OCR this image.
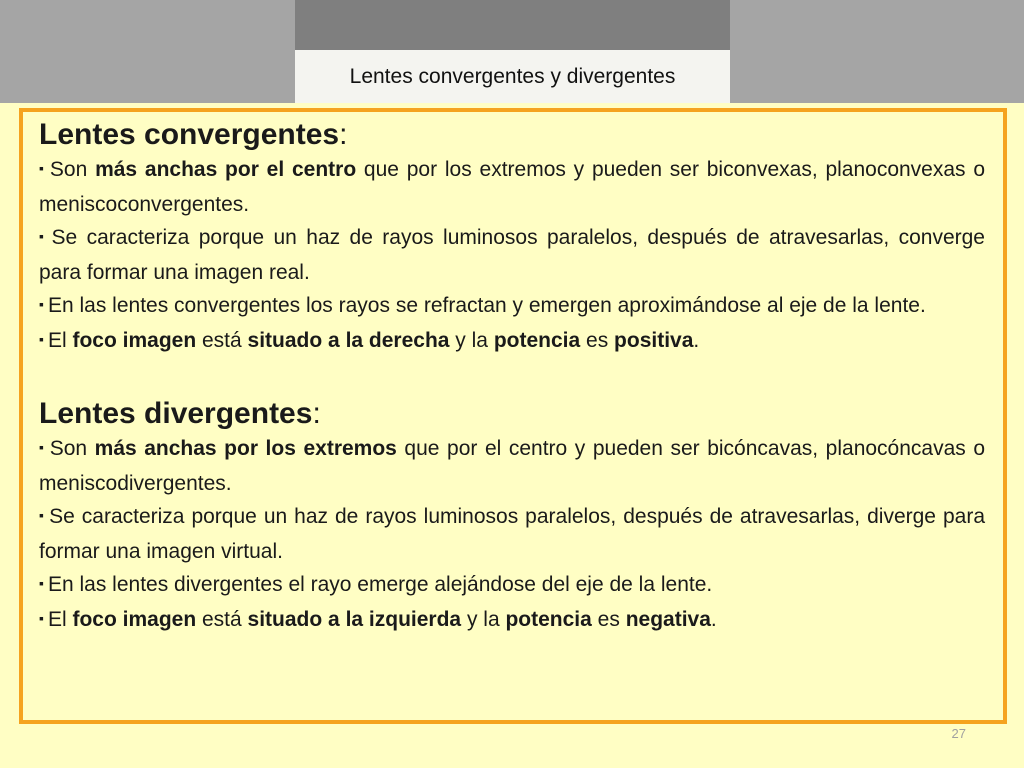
Lentes convergentes y divergentes
Lentes convergentes:
▪ Son más anchas por el centro que por los extremos y pueden ser biconvexas, planoconvexas o meniscoconvergentes.
▪ Se caracteriza porque un haz de rayos luminosos paralelos, después de atravesarlas, converge para formar una imagen real.
▪ En las lentes convergentes los rayos se refractan y emergen aproximándose al eje de la lente.
▪ El foco imagen está situado a la derecha y la potencia es positiva.
Lentes divergentes:
▪ Son más anchas por los extremos que por el centro y pueden ser bicóncavas, planocóncavas o meniscodivergentes.
▪ Se caracteriza porque un haz de rayos luminosos paralelos, después de atravesarlas, diverge para formar una imagen virtual.
▪ En las lentes divergentes el rayo emerge alejándose del eje de la lente.
▪ El foco imagen está situado a la izquierda y la potencia es negativa.
27
